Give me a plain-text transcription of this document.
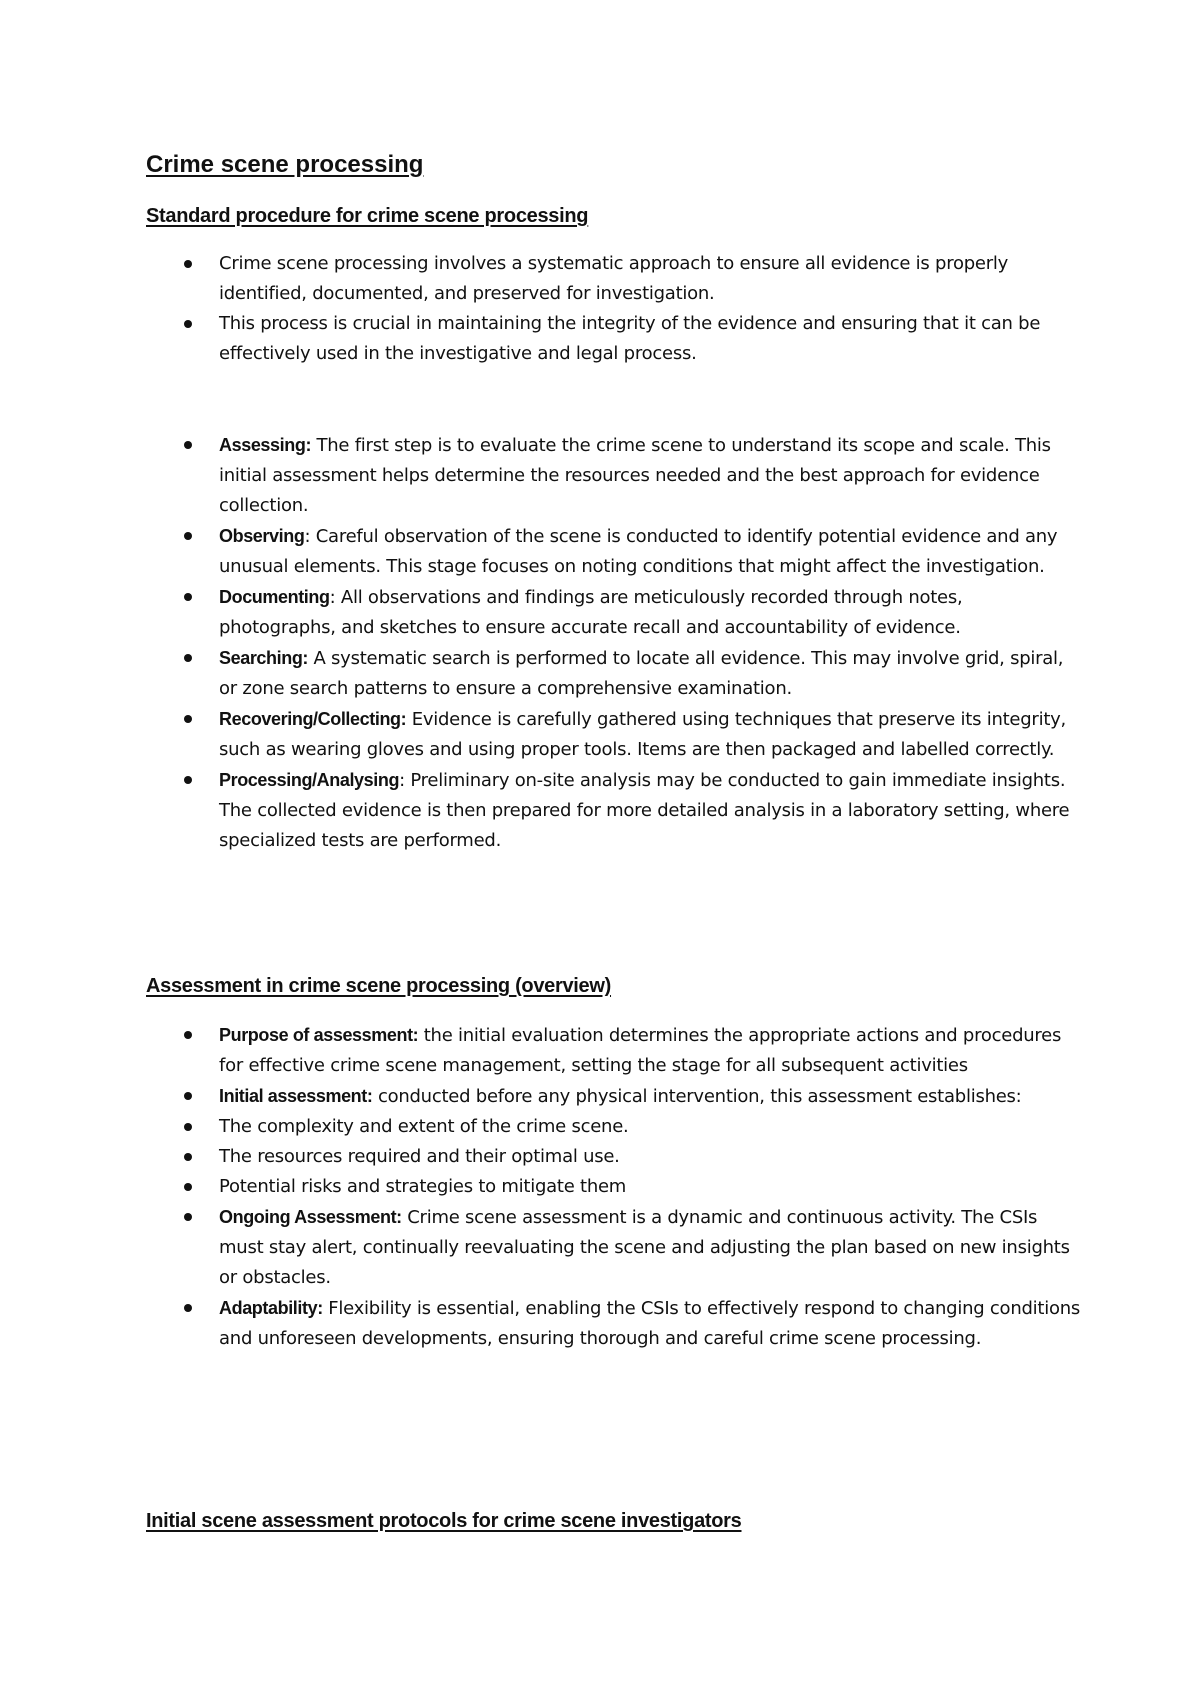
Crime scene processing
Standard procedure for crime scene processing
Crime scene processing involves a systematic approach to ensure all evidence is properly identified, documented, and preserved for investigation.
This process is crucial in maintaining the integrity of the evidence and ensuring that it can be effectively used in the investigative and legal process.
Assessing: The first step is to evaluate the crime scene to understand its scope and scale. This initial assessment helps determine the resources needed and the best approach for evidence collection.
Observing: Careful observation of the scene is conducted to identify potential evidence and any unusual elements. This stage focuses on noting conditions that might affect the investigation.
Documenting: All observations and findings are meticulously recorded through notes, photographs, and sketches to ensure accurate recall and accountability of evidence.
Searching: A systematic search is performed to locate all evidence. This may involve grid, spiral, or zone search patterns to ensure a comprehensive examination.
Recovering/Collecting: Evidence is carefully gathered using techniques that preserve its integrity, such as wearing gloves and using proper tools. Items are then packaged and labelled correctly.
Processing/Analysing: Preliminary on-site analysis may be conducted to gain immediate insights. The collected evidence is then prepared for more detailed analysis in a laboratory setting, where specialized tests are performed.
Assessment in crime scene processing (overview)
Purpose of assessment: the initial evaluation determines the appropriate actions and procedures for effective crime scene management, setting the stage for all subsequent activities
Initial assessment: conducted before any physical intervention, this assessment establishes:
The complexity and extent of the crime scene.
The resources required and their optimal use.
Potential risks and strategies to mitigate them
Ongoing Assessment: Crime scene assessment is a dynamic and continuous activity. The CSIs must stay alert, continually reevaluating the scene and adjusting the plan based on new insights or obstacles.
Adaptability: Flexibility is essential, enabling the CSIs to effectively respond to changing conditions and unforeseen developments, ensuring thorough and careful crime scene processing.
Initial scene assessment protocols for crime scene investigators
